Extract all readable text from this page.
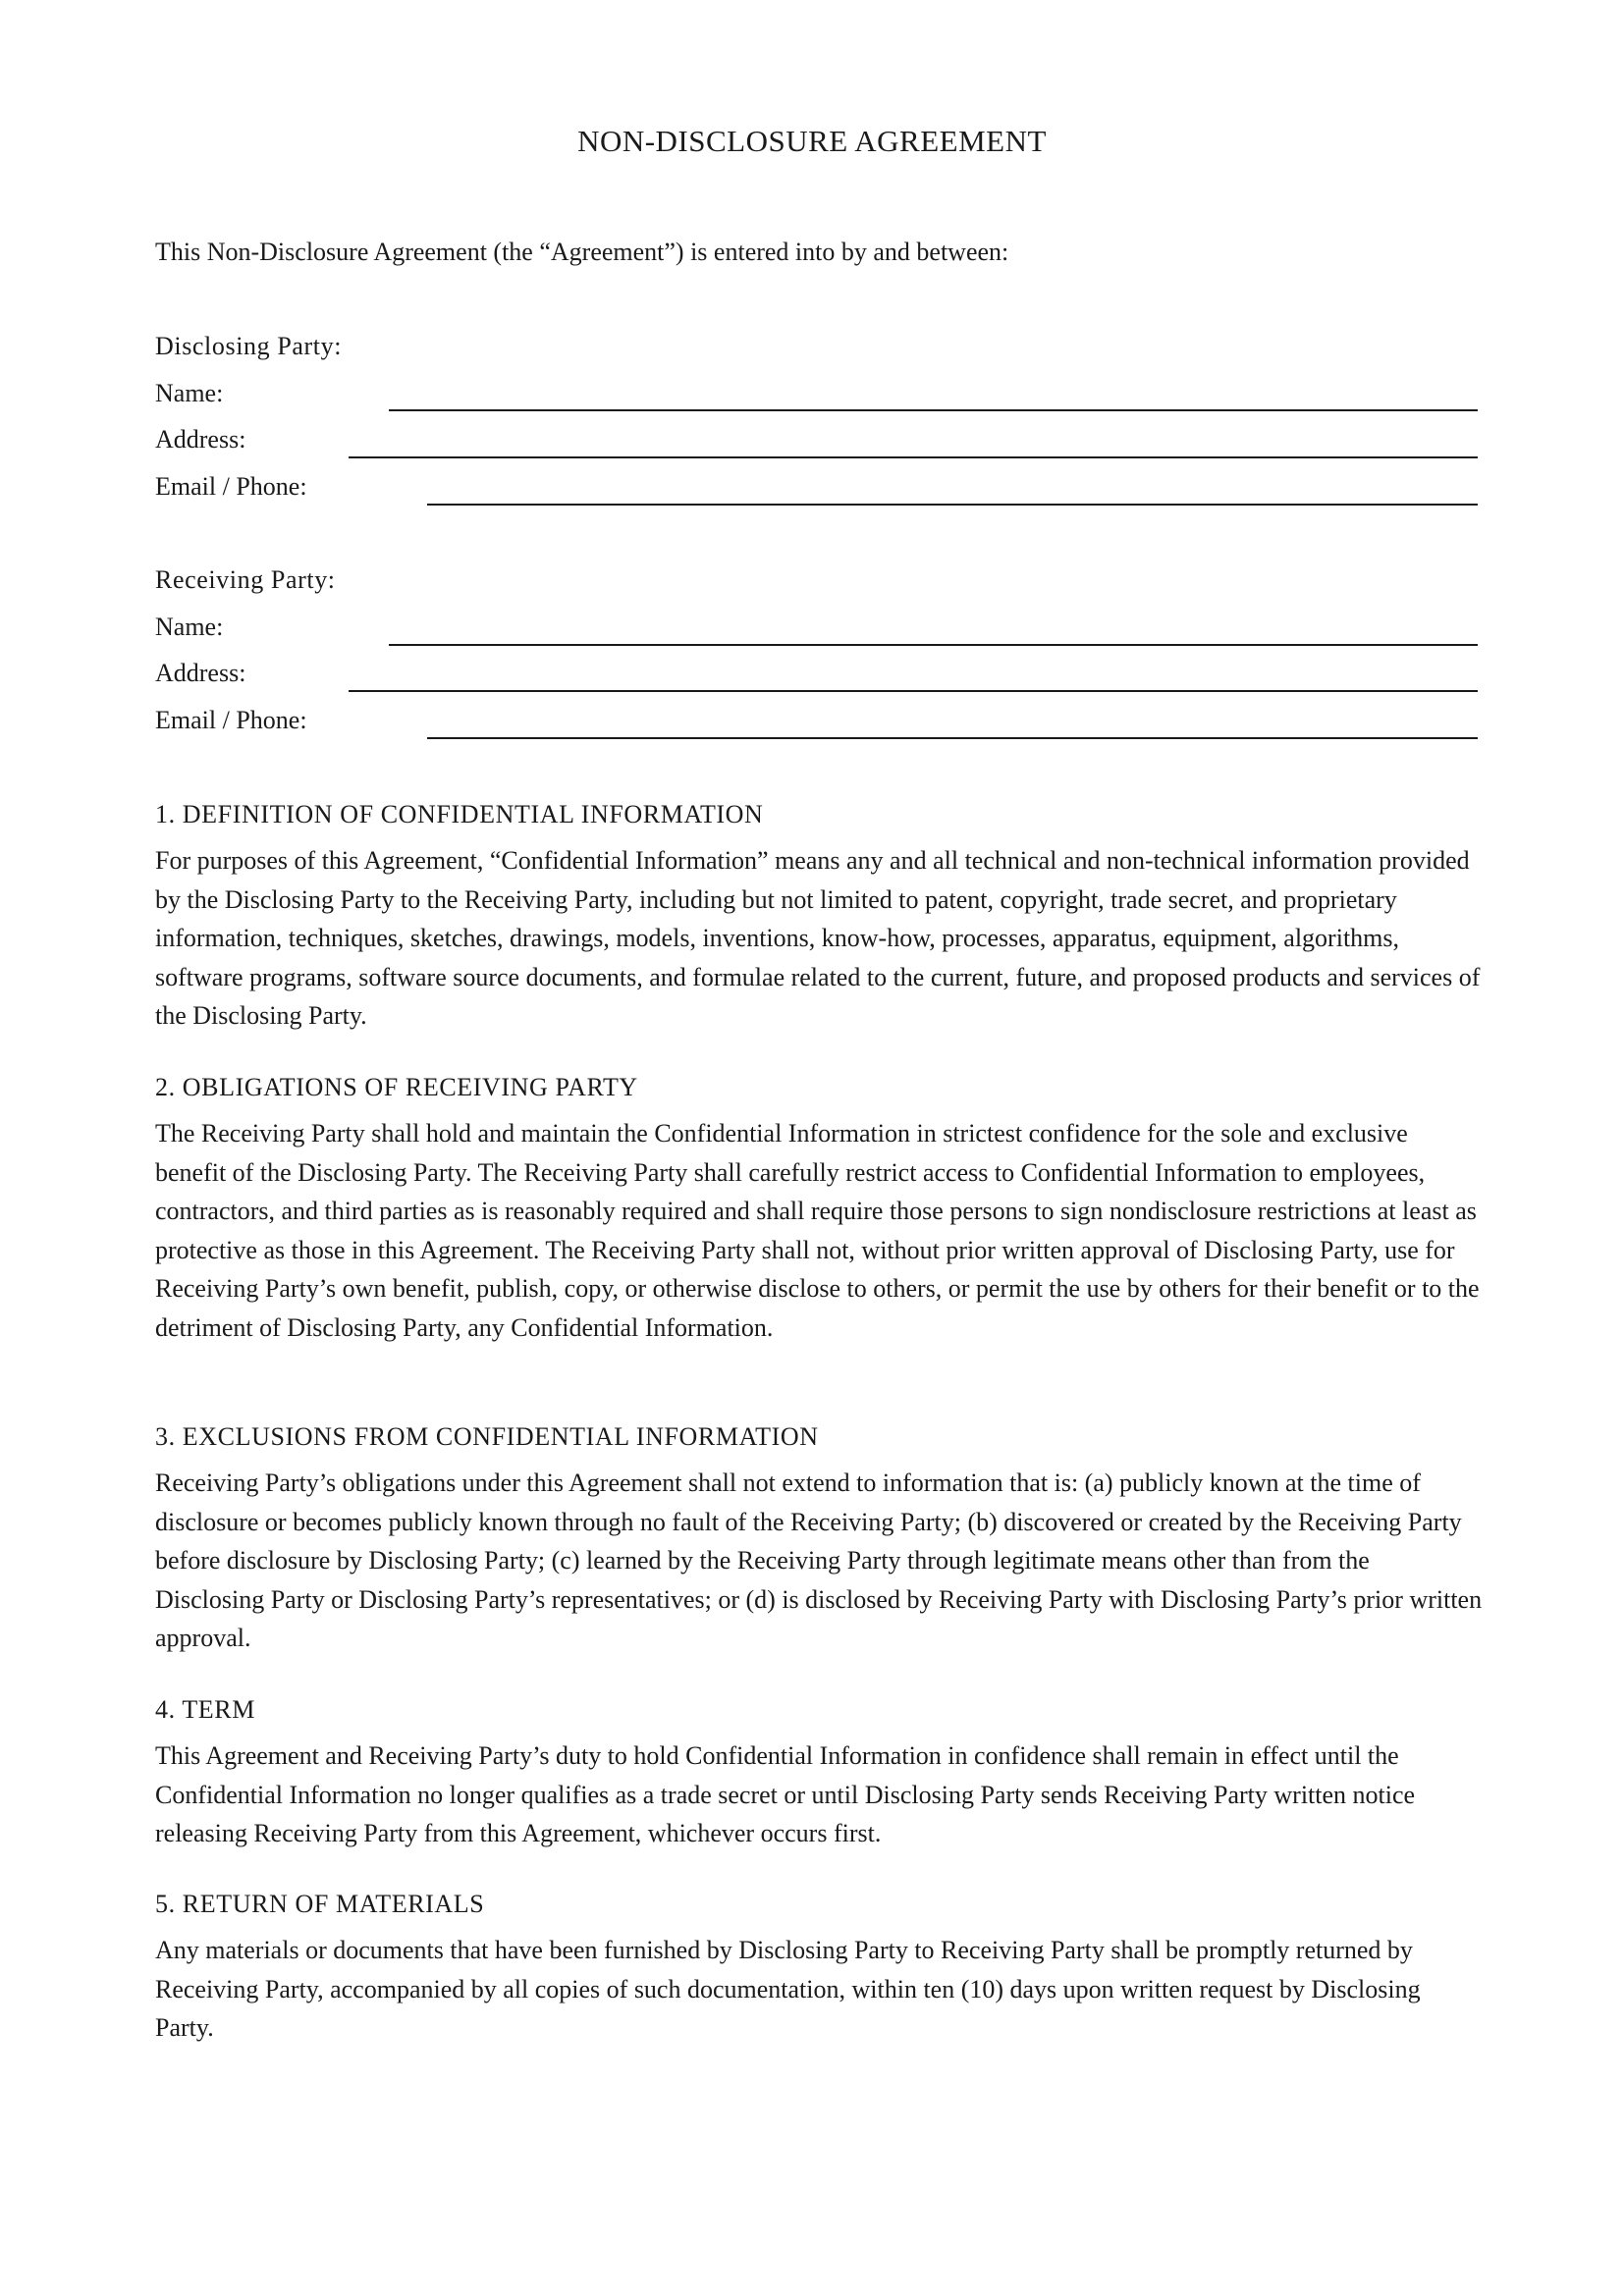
NON-DISCLOSURE AGREEMENT
This Non-Disclosure Agreement (the “Agreement”) is entered into by and between:
Disclosing Party:
Name:
Address:
Email / Phone:
Receiving Party:
Name:
Address:
Email / Phone:
1. DEFINITION OF CONFIDENTIAL INFORMATION
For purposes of this Agreement, “Confidential Information” means any and all technical and non-technical information provided by the Disclosing Party to the Receiving Party, including but not limited to patent, copyright, trade secret, and proprietary information, techniques, sketches, drawings, models, inventions, know-how, processes, apparatus, equipment, algorithms, software programs, software source documents, and formulae related to the current, future, and proposed products and services of the Disclosing Party.
2. OBLIGATIONS OF RECEIVING PARTY
The Receiving Party shall hold and maintain the Confidential Information in strictest confidence for the sole and exclusive benefit of the Disclosing Party. The Receiving Party shall carefully restrict access to Confidential Information to employees, contractors, and third parties as is reasonably required and shall require those persons to sign nondisclosure restrictions at least as protective as those in this Agreement. The Receiving Party shall not, without prior written approval of Disclosing Party, use for Receiving Party’s own benefit, publish, copy, or otherwise disclose to others, or permit the use by others for their benefit or to the detriment of Disclosing Party, any Confidential Information.
3. EXCLUSIONS FROM CONFIDENTIAL INFORMATION
Receiving Party’s obligations under this Agreement shall not extend to information that is: (a) publicly known at the time of disclosure or becomes publicly known through no fault of the Receiving Party; (b) discovered or created by the Receiving Party before disclosure by Disclosing Party; (c) learned by the Receiving Party through legitimate means other than from the Disclosing Party or Disclosing Party’s representatives; or (d) is disclosed by Receiving Party with Disclosing Party’s prior written approval.
4. TERM
This Agreement and Receiving Party’s duty to hold Confidential Information in confidence shall remain in effect until the Confidential Information no longer qualifies as a trade secret or until Disclosing Party sends Receiving Party written notice releasing Receiving Party from this Agreement, whichever occurs first.
5. RETURN OF MATERIALS
Any materials or documents that have been furnished by Disclosing Party to Receiving Party shall be promptly returned by Receiving Party, accompanied by all copies of such documentation, within ten (10) days upon written request by Disclosing Party.
